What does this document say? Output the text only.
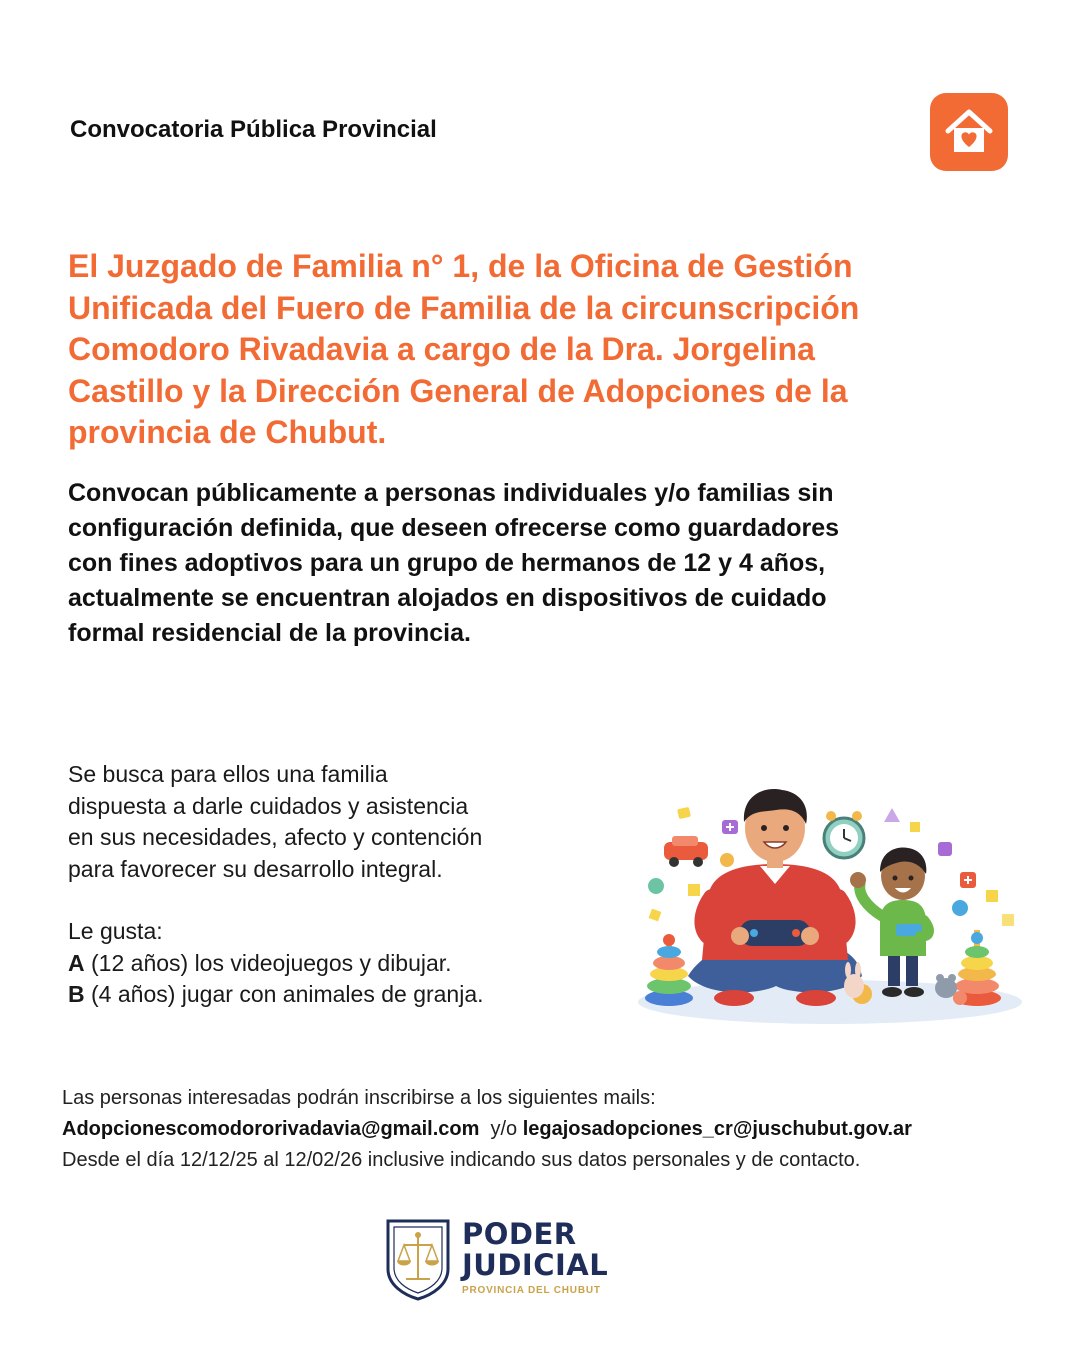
Convocatoria Pública Provincial
El Juzgado de Familia n° 1, de la Oficina de Gestión
Unificada del Fuero de Familia de la circunscripción
Comodoro Rivadavia a cargo de la Dra. Jorgelina
Castillo y la Dirección General de Adopciones de la
provincia de Chubut.

Convocan públicamente a personas individuales y/o familias sin
configuración definida, que deseen ofrecerse como guardadores
con fines adoptivos para un grupo de hermanos de 12 y 4 años,
actualmente se encuentran alojados en dispositivos de cuidado
formal residencial de la provincia.

Se busca para ellos una familia
dispuesta a darle cuidados y asistencia
en sus necesidades, afecto y contención
para favorecer su desarrollo integral.

Le gusta:
A (12 años) los videojuegos y dibujar.
B (4 años) jugar con animales de granja.

Las personas interesadas podrán inscribirse a los siguientes mails:

Adopcionescomodororivadavia@gmail.com  y/o legajosadopciones_cr@juschubut.gov.ar

Desde el día 12/12/25 al 12/02/26 inclusive indicando sus datos personales y de contacto.

PODER
JUDICIAL
PROVINCIA DEL CHUBUT
